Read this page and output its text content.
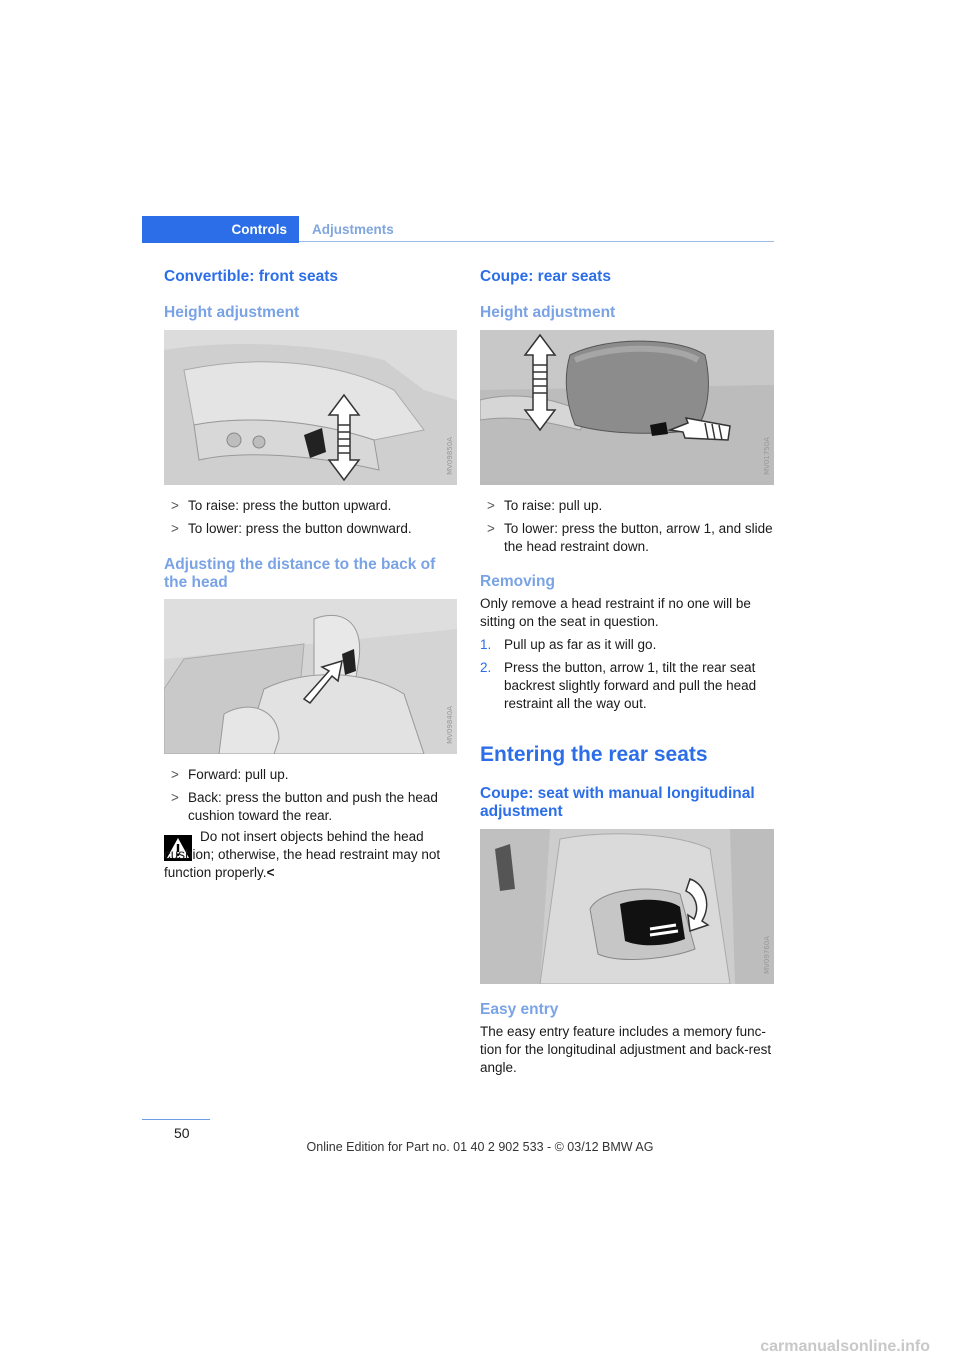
Controls Adjustments
Convertible: front seats
Height adjustment
MV09850A
> To raise: press the button upward.
> To lower: press the button downward.
Adjusting the distance to the back of the head
MV09840A
> Forward: pull up.
> Back: press the button and push the head cushion toward the rear.
Do not insert objects behind the head cushion; otherwise, the head restraint may not function properly.<
Coupe: rear seats
Height adjustment
MV01750A
> To raise: pull up.
> To lower: press the button, arrow 1, and slide the head restraint down.
Removing
Only remove a head restraint if no one will be sitting on the seat in question.
1. Pull up as far as it will go.
2. Press the button, arrow 1, tilt the rear seat backrest slightly forward and pull the head restraint all the way out.
Entering the rear seats
Coupe: seat with manual longitudinal adjustment
MV09760A
Easy entry
The easy entry feature includes a memory func-tion for the longitudinal adjustment and back-rest angle.
50
Online Edition for Part no. 01 40 2 902 533 - © 03/12 BMW AG
carmanualsonline.info
